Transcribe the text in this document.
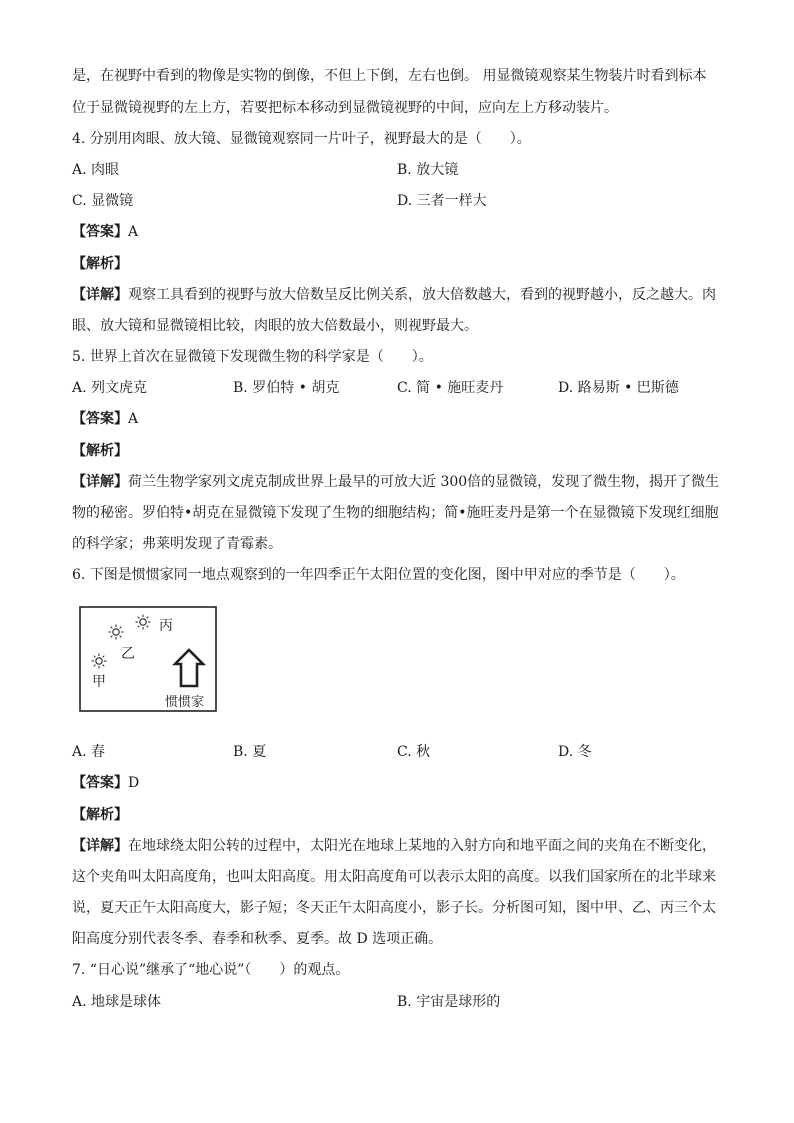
是，在视野中看到的物像是实物的倒像，不但上下倒，左右也倒。 用显微镜观察某生物装片时看到标本
位于显微镜视野的左上方，若要把标本移动到显微镜视野的中间，应向左上方移动装片。
4. 分别用肉眼、放大镜、显微镜观察同一片叶子，视野最大的是（　　）。
A. 肉眼	B. 放大镜
C. 显微镜	D. 三者一样大
【答案】A
【解析】
【详解】观察工具看到的视野与放大倍数呈反比例关系，放大倍数越大，看到的视野越小，反之越大。肉
眼、放大镜和显微镜相比较，肉眼的放大倍数最小，则视野最大。
5. 世界上首次在显微镜下发现微生物的科学家是（　　）。
A. 列文虎克	B. 罗伯特 • 胡克	C. 简 • 施旺麦丹	D. 路易斯 • 巴斯德
【答案】A
【解析】
【详解】荷兰生物学家列文虎克制成世界上最早的可放大近 300倍的显微镜，发现了微生物，揭开了微生
物的秘密。罗伯特•胡克在显微镜下发现了生物的细胞结构；简•施旺麦丹是第一个在显微镜下发现红细胞
的科学家；弗莱明发现了青霉素。
6. 下图是惯惯家同一地点观察到的一年四季正午太阳位置的变化图，图中甲对应的季节是（　　）。
丙
乙
甲
惯惯家
A. 春	B. 夏	C. 秋	D. 冬
【答案】D
【解析】
【详解】在地球绕太阳公转的过程中，太阳光在地球上某地的入射方向和地平面之间的夹角在不断变化，
这个夹角叫太阳高度角，也叫太阳高度。用太阳高度角可以表示太阳的高度。以我们国家所在的北半球来
说，夏天正午太阳高度大，影子短；冬天正午太阳高度小，影子长。分析图可知，图中甲、乙、丙三个太
阳高度分别代表冬季、春季和秋季、夏季。故 D 选项正确。
7. “日心说”继承了“地心说”（　　）的观点。
A. 地球是球体	B. 宇宙是球形的
